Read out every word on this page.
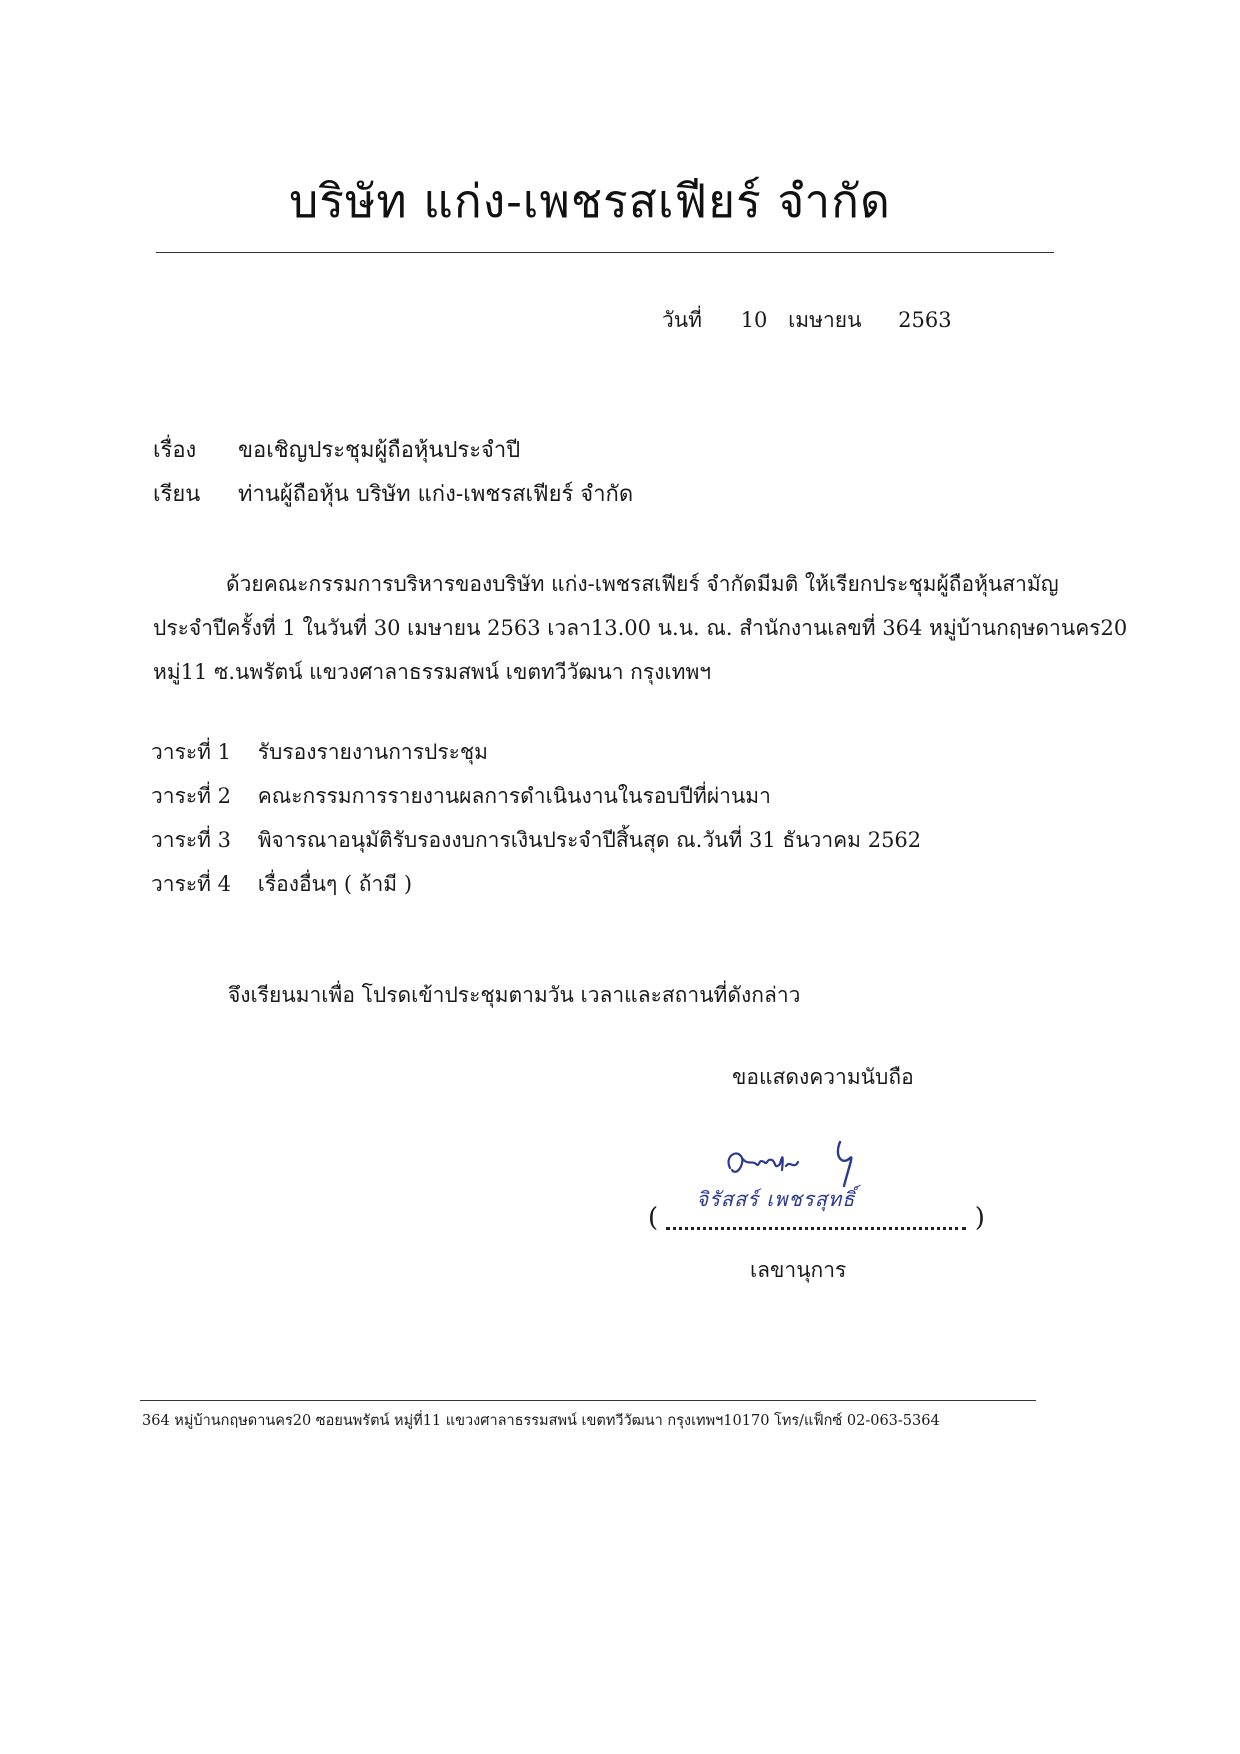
บริษัท แก่ง-เพชรสเฟียร์ จำกัด
วันที่ 10 เมษายน 2563
เรื่อง ขอเชิญประชุมผู้ถือหุ้นประจำปี
เรียน ท่านผู้ถือหุ้น บริษัท แก่ง-เพชรสเฟียร์ จำกัด
ด้วยคณะกรรมการบริหารของบริษัท แก่ง-เพชรสเฟียร์ จำกัดมีมติ ให้เรียกประชุมผู้ถือหุ้นสามัญ
ประจำปีครั้งที่ 1 ในวันที่ 30 เมษายน 2563 เวลา13.00 น.น. ณ. สำนักงานเลขที่ 364 หมู่บ้านกฤษดานคร20
หมู่11 ซ.นพรัตน์ แขวงศาลาธรรมสพน์ เขตทวีวัฒนา กรุงเทพฯ
วาระที่ 1 รับรองรายงานการประชุม
วาระที่ 2 คณะกรรมการรายงานผลการดำเนินงานในรอบปีที่ผ่านมา
วาระที่ 3 พิจารณาอนุมัติรับรองงบการเงินประจำปีสิ้นสุด ณ.วันที่ 31 ธันวาคม 2562
วาระที่ 4 เรื่องอื่นๆ ( ถ้ามี )
จึงเรียนมาเพื่อ โปรดเข้าประชุมตามวัน เวลาและสถานที่ดังกล่าว
ขอแสดงความนับถือ
(
จิรัสสร์ เพชรสุทธิ์
)
เลขานุการ
364 หมู่บ้านกฤษดานคร20 ซอยนพรัตน์ หมู่ที่11 แขวงศาลาธรรมสพน์ เขตทวีวัฒนา กรุงเทพฯ10170 โทร/แฟ็กซ์ 02-063-5364
